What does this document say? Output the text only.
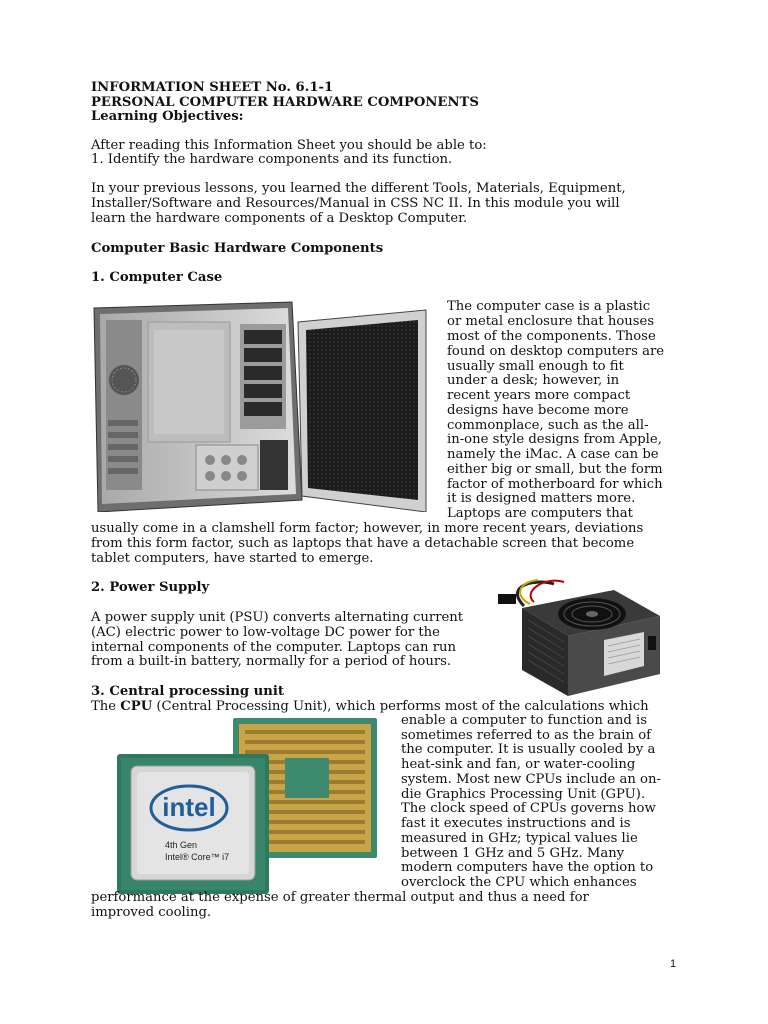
INFORMATION SHEET No. 6.1-1
PERSONAL COMPUTER HARDWARE COMPONENTS
Learning Objectives:
After reading this Information Sheet you should be able to:
1. Identify the hardware components and its function.
In your previous lessons, you learned the different Tools, Materials, Equipment,
Installer/Software and Resources/Manual in CSS NC II. In this module you will
learn the hardware components of a Desktop Computer.
Computer Basic Hardware Components
1. Computer Case
The computer case is a plastic
or metal enclosure that houses
most of the components. Those
found on desktop computers are
usually small enough to fit
under a desk; however, in
recent years more compact
designs have become more
commonplace, such as the all-
in-one style designs from Apple,
namely the iMac. A case can be
either big or small, but the form
factor of motherboard for which
it is designed matters more.
Laptops are computers that
usually come in a clamshell form factor; however, in more recent years, deviations
from this form factor, such as laptops that have a detachable screen that become
tablet computers, have started to emerge.
2. Power Supply
A power supply unit (PSU) converts alternating current
(AC) electric power to low-voltage DC power for the
internal components of the computer. Laptops can run
from a built-in battery, normally for a period of hours.
3. Central processing unit
The CPU (Central Processing Unit), which performs most of the calculations which
intel
4th Gen
Intel® Core™ i7
enable a computer to function and is
sometimes referred to as the brain of
the computer. It is usually cooled by a
heat-sink and fan, or water-cooling
system. Most new CPUs include an on-
die Graphics Processing Unit (GPU).
The clock speed of CPUs governs how
fast it executes instructions and is
measured in GHz; typical values lie
between 1 GHz and 5 GHz. Many
modern computers have the option to
overclock the CPU which enhances
performance at the expense of greater thermal output and thus a need for
improved cooling.
1
